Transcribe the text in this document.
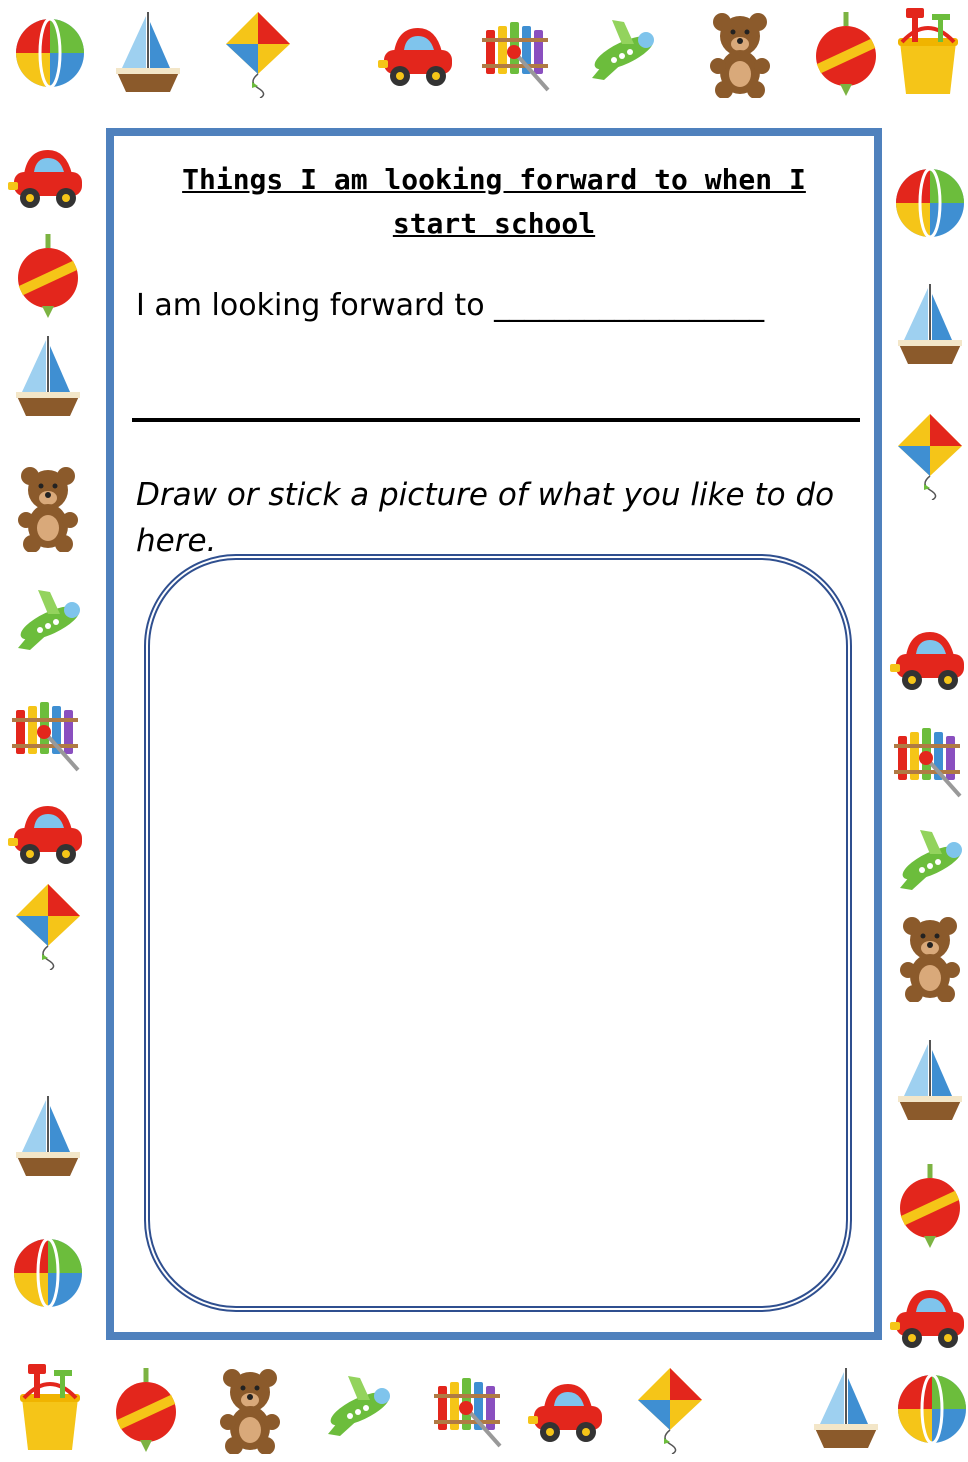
Things I am looking forward to when I start school
I am looking forward to __________________
Draw or stick a picture of what you like to do here.
